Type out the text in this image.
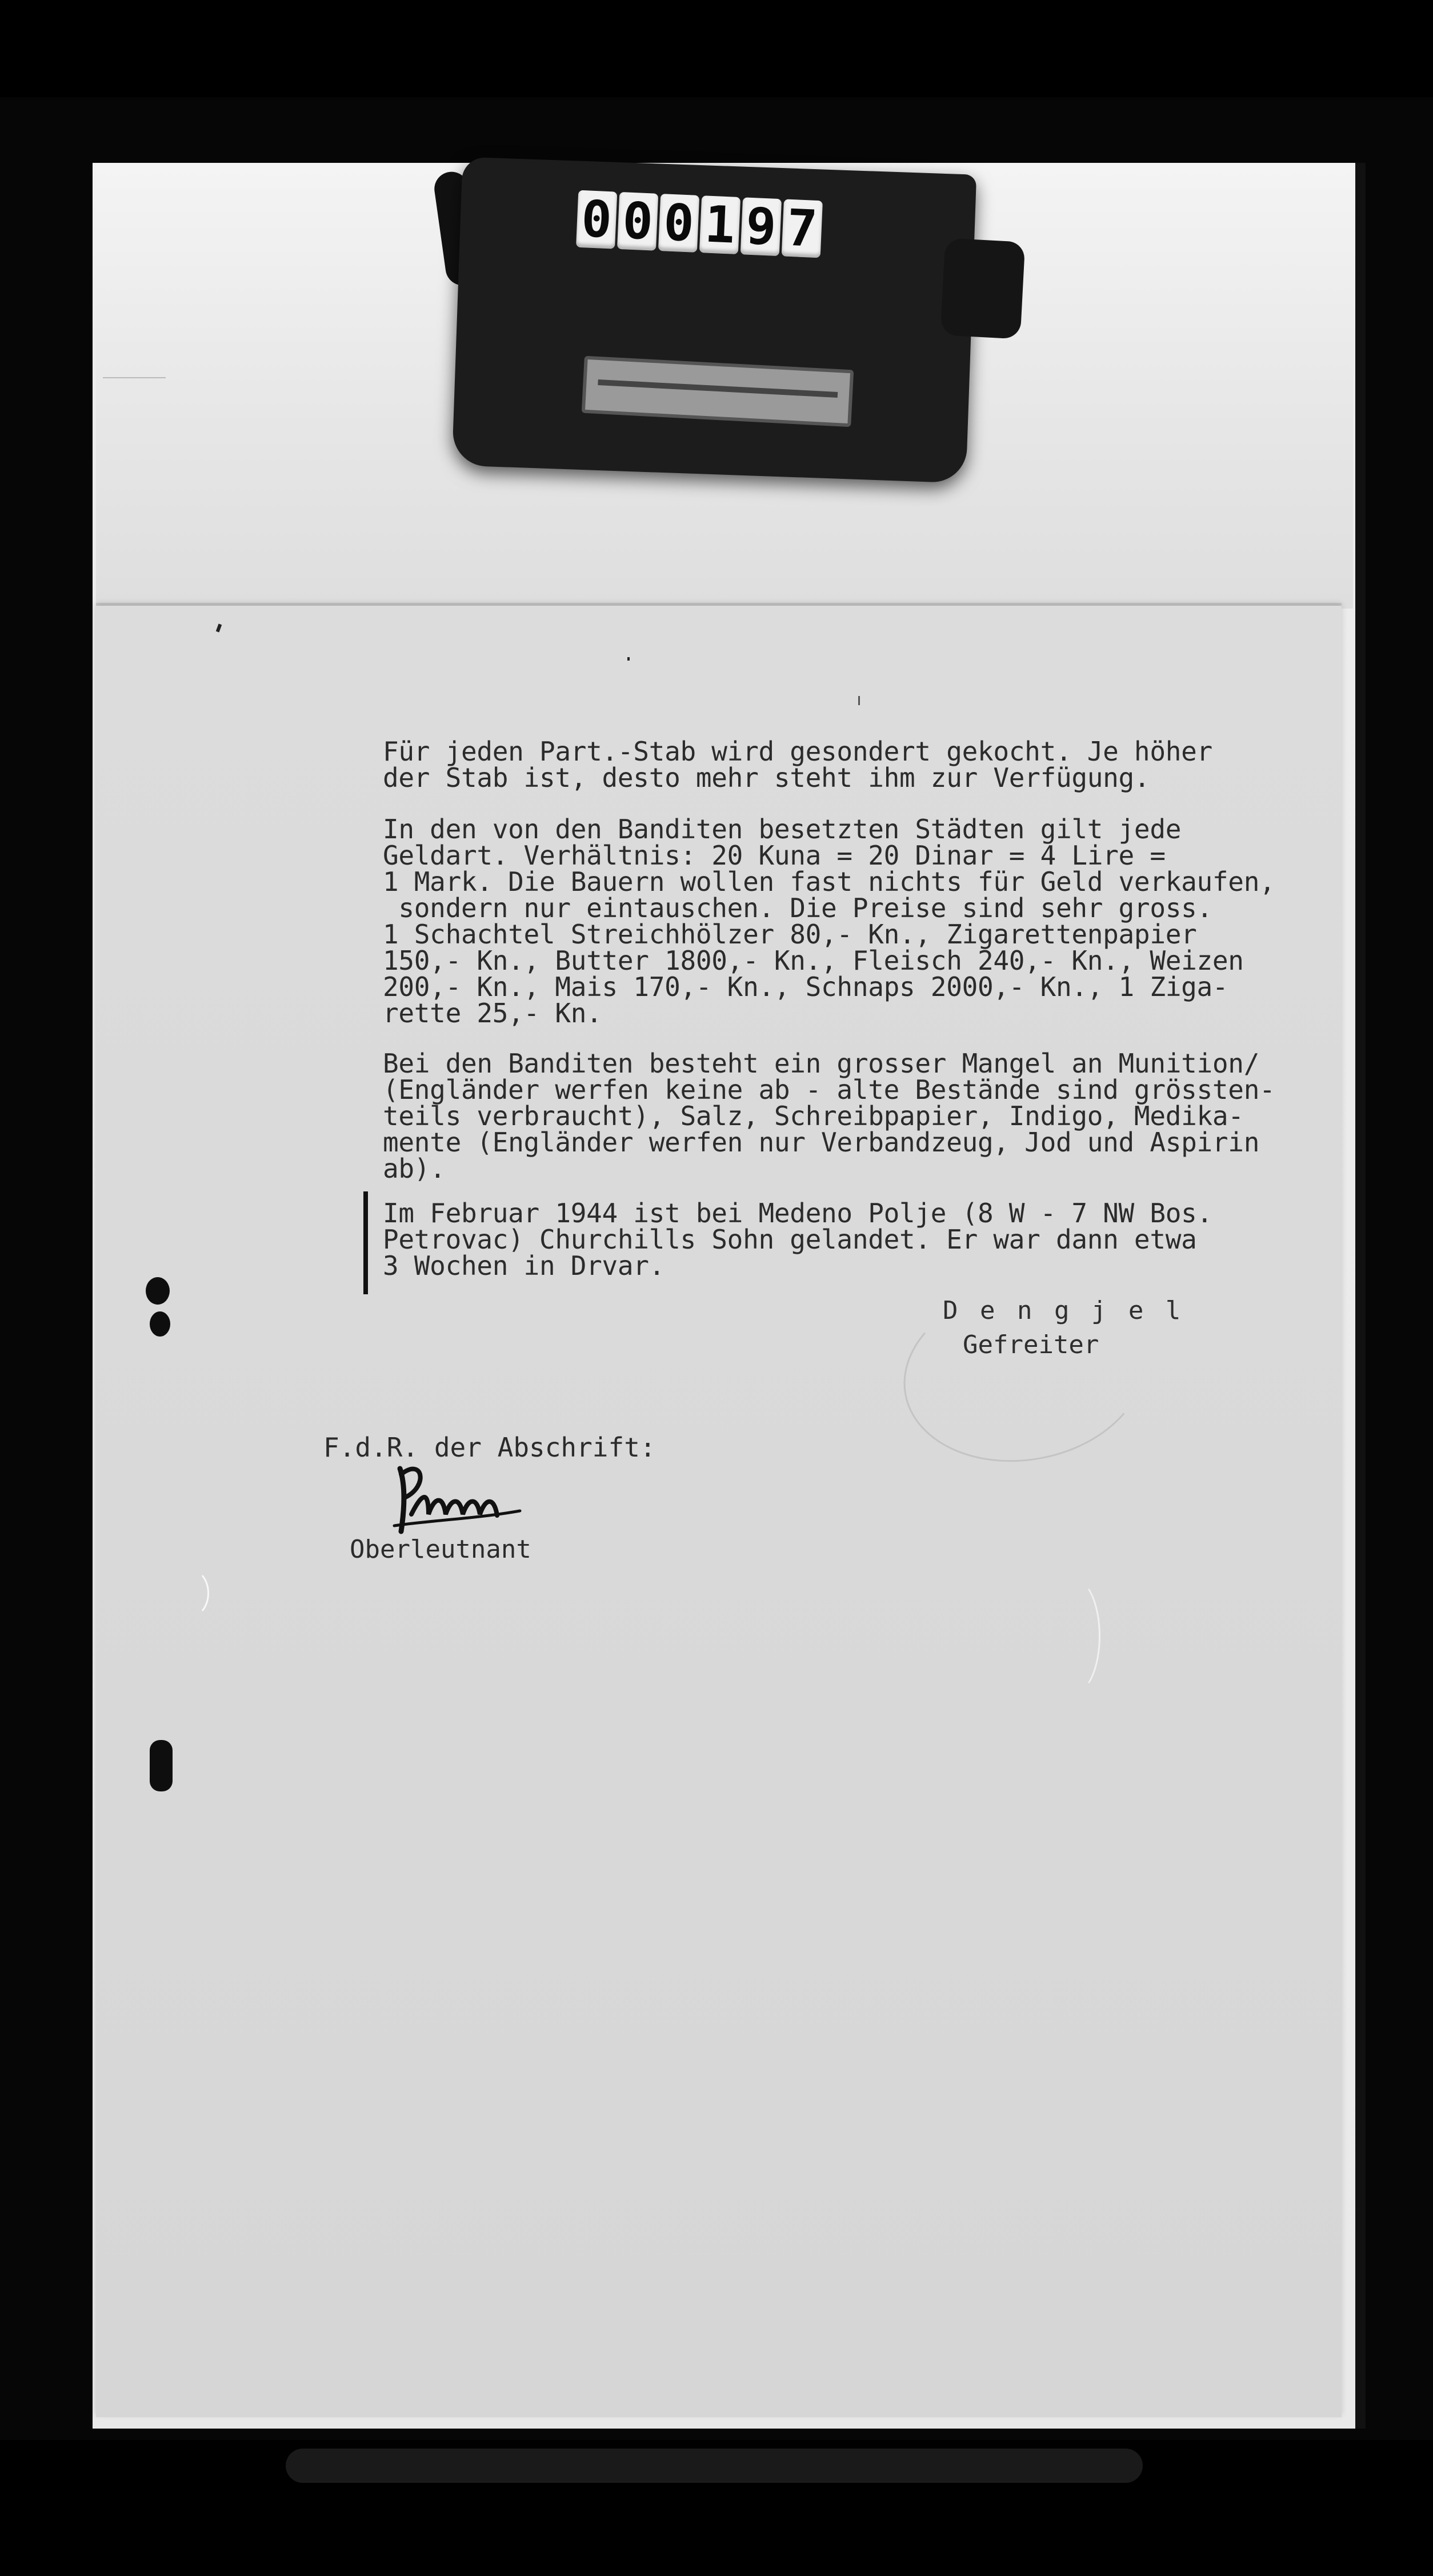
0 0 0 1 9 7
Für jeden Part.-Stab wird gesondert gekocht. Je höher
der Stab ist, desto mehr steht ihm zur Verfügung.
In den von den Banditen besetzten Städten gilt jede
Geldart. Verhältnis: 20 Kuna = 20 Dinar = 4 Lire =
1 Mark. Die Bauern wollen fast nichts für Geld verkaufen,
sondern nur eintauschen. Die Preise sind sehr gross.
1 Schachtel Streichhölzer 80,- Kn., Zigarettenpapier
150,- Kn., Butter 1800,- Kn., Fleisch 240,- Kn., Weizen
200,- Kn., Mais 170,- Kn., Schnaps 2000,- Kn., 1 Ziga-
rette 25,- Kn.
Bei den Banditen besteht ein grosser Mangel an Munition/
(Engländer werfen keine ab - alte Bestände sind grössten-
teils verbraucht), Salz, Schreibpapier, Indigo, Medika-
mente (Engländer werfen nur Verbandzeug, Jod und Aspirin
ab).
Im Februar 1944 ist bei Medeno Polje (8 W - 7 NW Bos.
Petrovac) Churchills Sohn gelandet. Er war dann etwa
3 Wochen in Drvar.
D e n g j e l
Gefreiter
F.d.R. der Abschrift:
Oberleutnant
